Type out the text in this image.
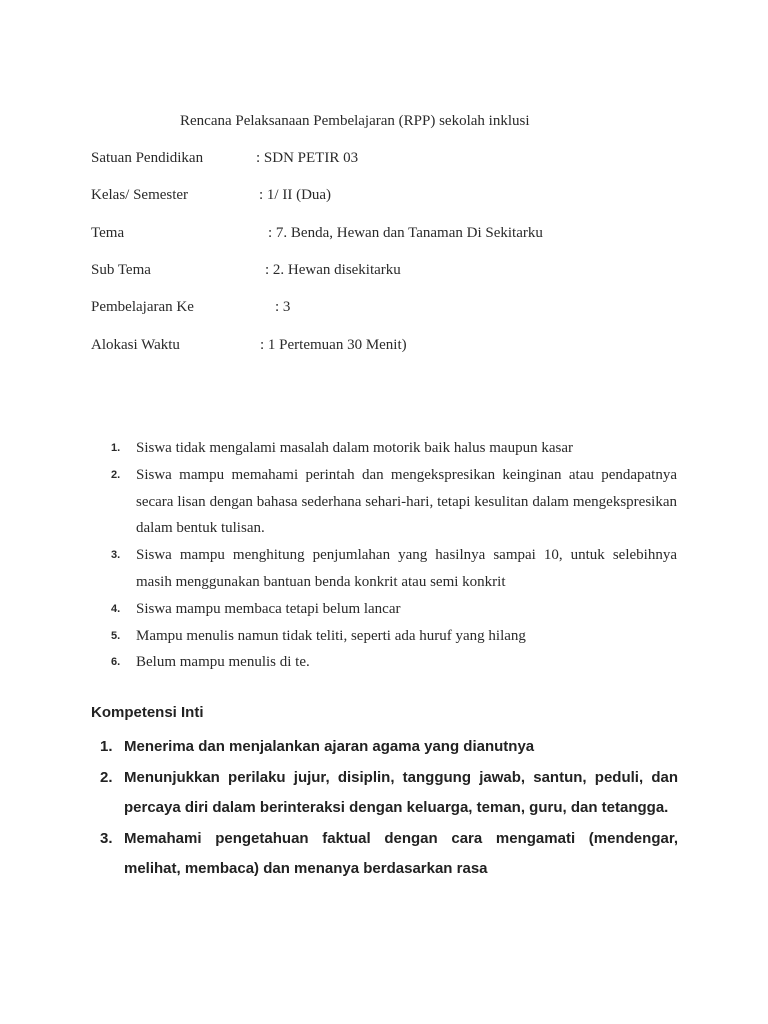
Rencana Pelaksanaan Pembelajaran (RPP) sekolah inklusi
Satuan Pendidikan	: SDN PETIR 03
Kelas/ Semester	: 1/ II (Dua)
Tema	: 7. Benda, Hewan dan Tanaman Di Sekitarku
Sub Tema	: 2. Hewan disekitarku
Pembelajaran Ke	: 3
Alokasi Waktu	: 1 Pertemuan 30 Menit)
1. Siswa tidak mengalami masalah dalam motorik baik halus maupun kasar
2. Siswa mampu memahami perintah dan mengekspresikan keinginan atau pendapatnya secara lisan dengan bahasa sederhana sehari-hari, tetapi kesulitan dalam mengekspresikan dalam bentuk tulisan.
3. Siswa mampu menghitung penjumlahan yang hasilnya sampai 10, untuk selebihnya masih menggunakan bantuan benda konkrit atau semi konkrit
4. Siswa mampu membaca tetapi belum lancar
5. Mampu menulis namun tidak teliti, seperti ada huruf yang hilang
6. Belum mampu menulis di te.
Kompetensi Inti
1. Menerima dan menjalankan ajaran agama yang dianutnya
2. Menunjukkan perilaku jujur, disiplin, tanggung jawab, santun, peduli, dan percaya diri dalam berinteraksi dengan keluarga, teman, guru, dan tetangga.
3. Memahami pengetahuan faktual dengan cara mengamati (mendengar, melihat, membaca) dan menanya berdasarkan rasa
